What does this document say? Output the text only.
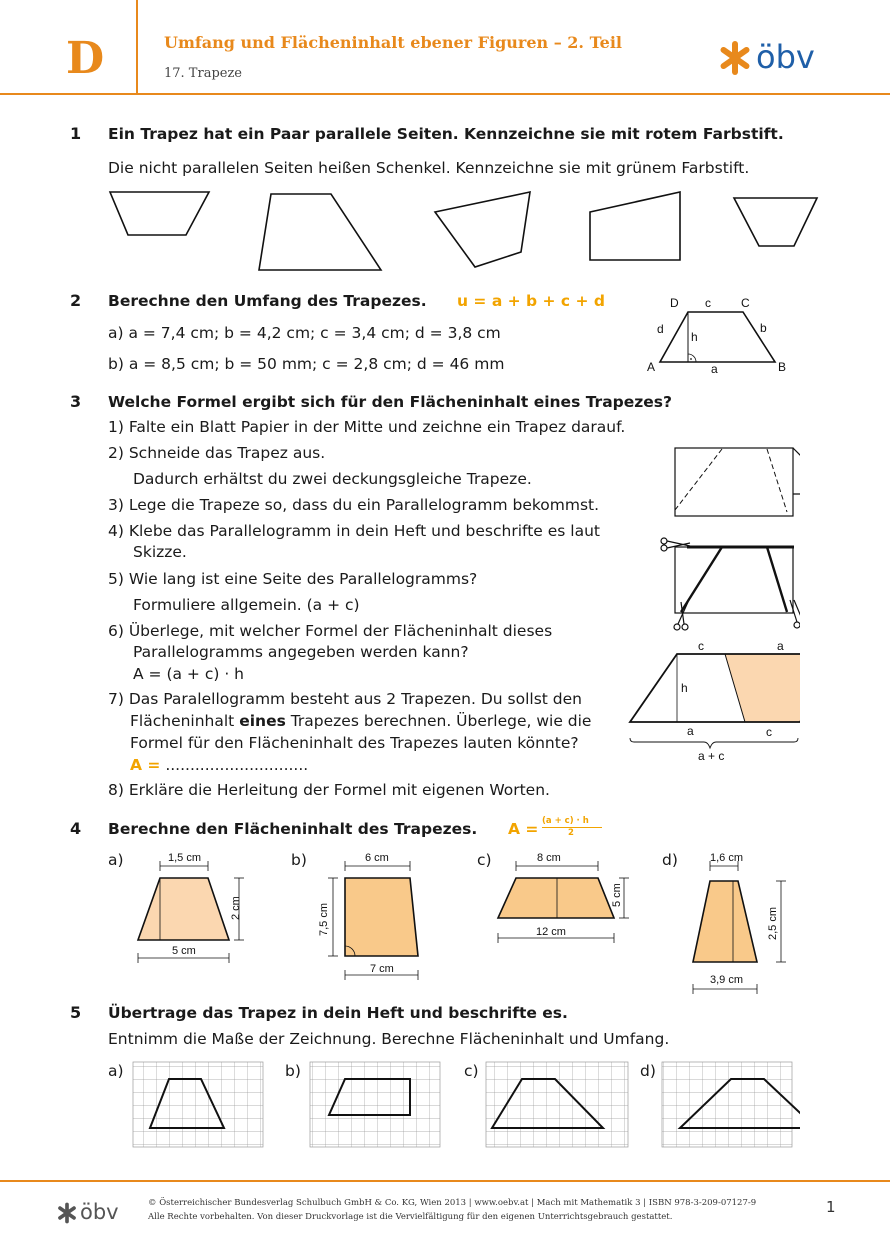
D	Umfang und Flächeninhalt ebener Figuren – 2. Teil
17. Trapeze	öbv
1 Ein Trapez hat ein Paar parallele Seiten. Kennzeichne sie mit rotem Farbstift.
Die nicht parallelen Seiten heißen Schenkel. Kennzeichne sie mit grünem Farbstift.
2 Berechne den Umfang des Trapezes. u = a + b + c + d
a) a = 7,4 cm; b = 4,2 cm; c = 3,4 cm; d = 3,8 cm
b) a = 8,5 cm; b = 50 mm; c = 2,8 cm; d = 46 mm
D c	C
d
h
b
A	a	B
3 Welche Formel ergibt sich für den Flächeninhalt eines Trapezes?
1) Falte ein Blatt Papier in der Mitte und zeichne ein Trapez darauf.
2) Schneide das Trapez aus.
Dadurch erhältst du zwei deckungsgleiche Trapeze.
3) Lege die Trapeze so, dass du ein Parallelogramm bekommst.
4) Klebe das Parallelogramm in dein Heft und beschrifte es laut
Skizze.
5) Wie lang ist eine Seite des Parallelogramms?
Formuliere allgemein. (a + c)
6) Überlege, mit welcher Formel der Flächeninhalt dieses
Parallelogramms angegeben werden kann?
A = (a + c) · h
7) Das Paralellogramm besteht aus 2 Trapezen. Du sollst den
Flächeninhalt eines Trapezes berechnen. Überlege, wie die
Formel für den Flächeninhalt des Trapezes lauten könnte?
A = .............................
8) Erkläre die Herleitung der Formel mit eigenen Worten.
c	a
h
a	c
a + c
4 Berechne den Flächeninhalt des Trapezes. A = (a + c) · h
2
a)	b)	c)	d)
1,5 cm
2 cm
5 cm
6 cm
7,5 cm
7 cm
8 cm
5 cm
12 cm
1,6 cm
2,5 cm
3,9 cm
5 Übertrage das Trapez in dein Heft und beschrifte es.
Entnimm die Maße der Zeichnung. Berechne Flächeninhalt und Umfang.
a)	b)	c)	d)
öbv	© Österreichischer Bundesverlag Schulbuch GmbH & Co. KG, Wien 2013 | www.oebv.at | Mach mit Mathematik 3 | ISBN 978-3-209-07127-9
Alle Rechte vorbehalten. Von dieser Druckvorlage ist die Vervielfältigung für den eigenen Unterrichtsgebrauch gestattet.
1
